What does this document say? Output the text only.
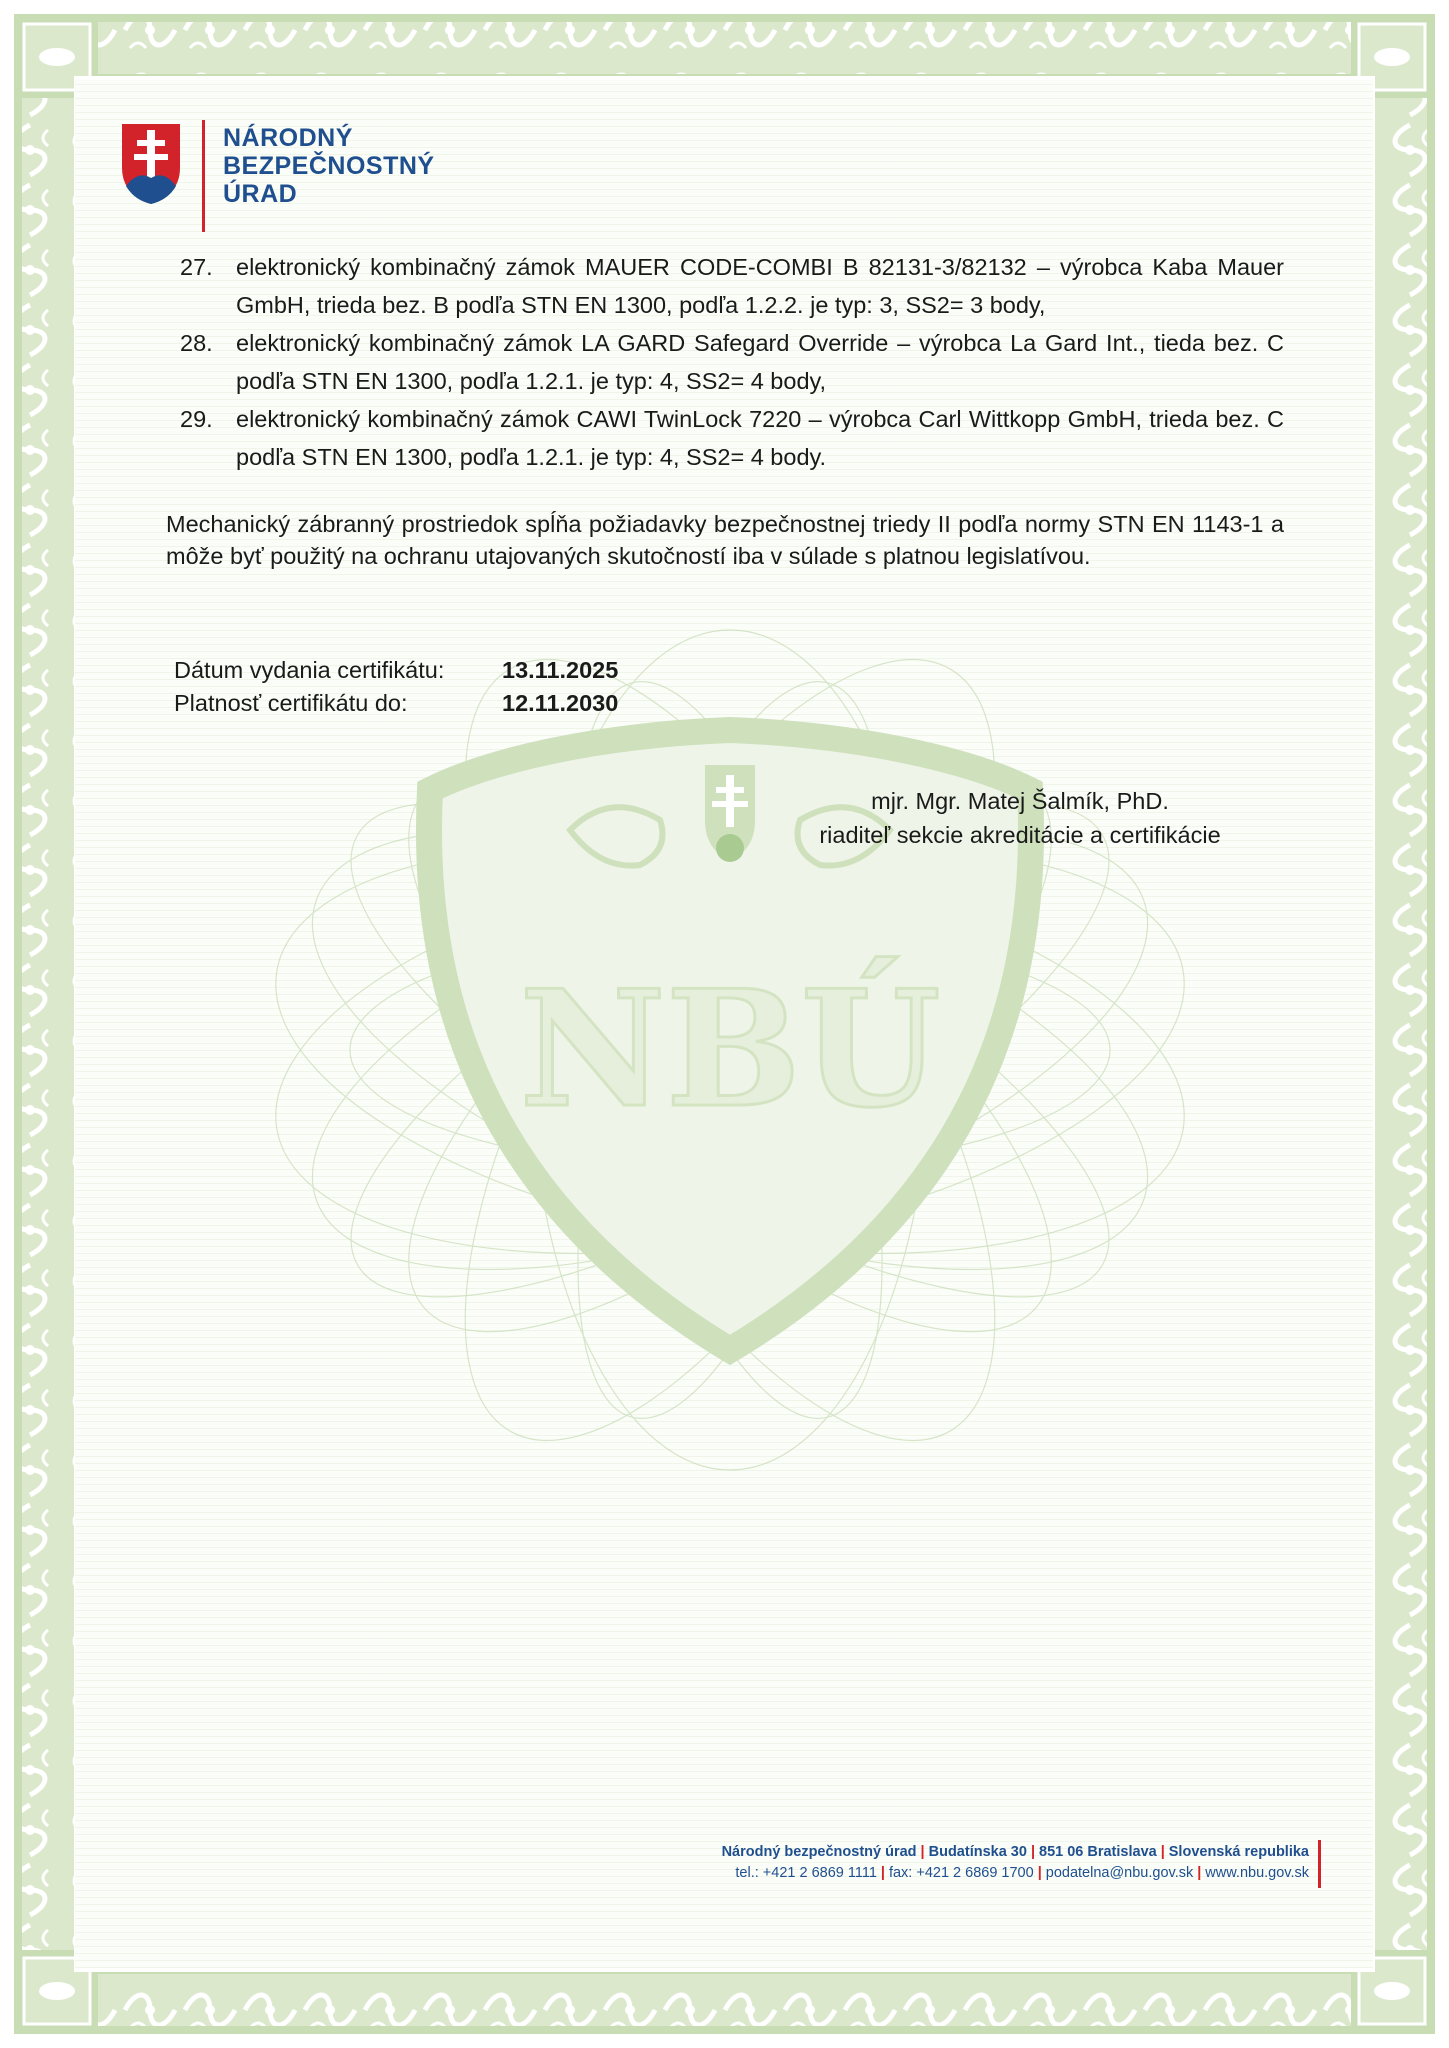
NBÚ
NÁRODNÝ
BEZPEČNOSTNÝ
ÚRAD
27. elektronický kombinačný zámok MAUER CODE-COMBI B 82131-3/82132 – výrobca Kaba Mauer GmbH, trieda bez. B podľa STN EN 1300, podľa 1.2.2. je typ: 3, SS2= 3 body,
28. elektronický kombinačný zámok LA GARD Safegard Override – výrobca La Gard Int., tieda bez. C podľa STN EN 1300, podľa 1.2.1. je typ: 4, SS2= 4 body,
29. elektronický kombinačný zámok CAWI TwinLock 7220 – výrobca Carl Wittkopp GmbH, trieda bez. C podľa STN EN 1300, podľa 1.2.1. je typ: 4, SS2= 4 body.
Mechanický zábranný prostriedok spĺňa požiadavky bezpečnostnej triedy II podľa normy STN EN 1143-1 a môže byť použitý na ochranu utajovaných skutočností iba v súlade s platnou legislatívou.
Dátum vydania certifikátu:	13.11.2025
Platnosť certifikátu do:	12.11.2030
mjr. Mgr. Matej Šalmík, PhD.
riaditeľ sekcie akreditácie a certifikácie
Národný bezpečnostný úrad | Budatínska 30 | 851 06 Bratislava | Slovenská republika
tel.: +421 2 6869 1111 | fax: +421 2 6869 1700 | podatelna@nbu.gov.sk | www.nbu.gov.sk
